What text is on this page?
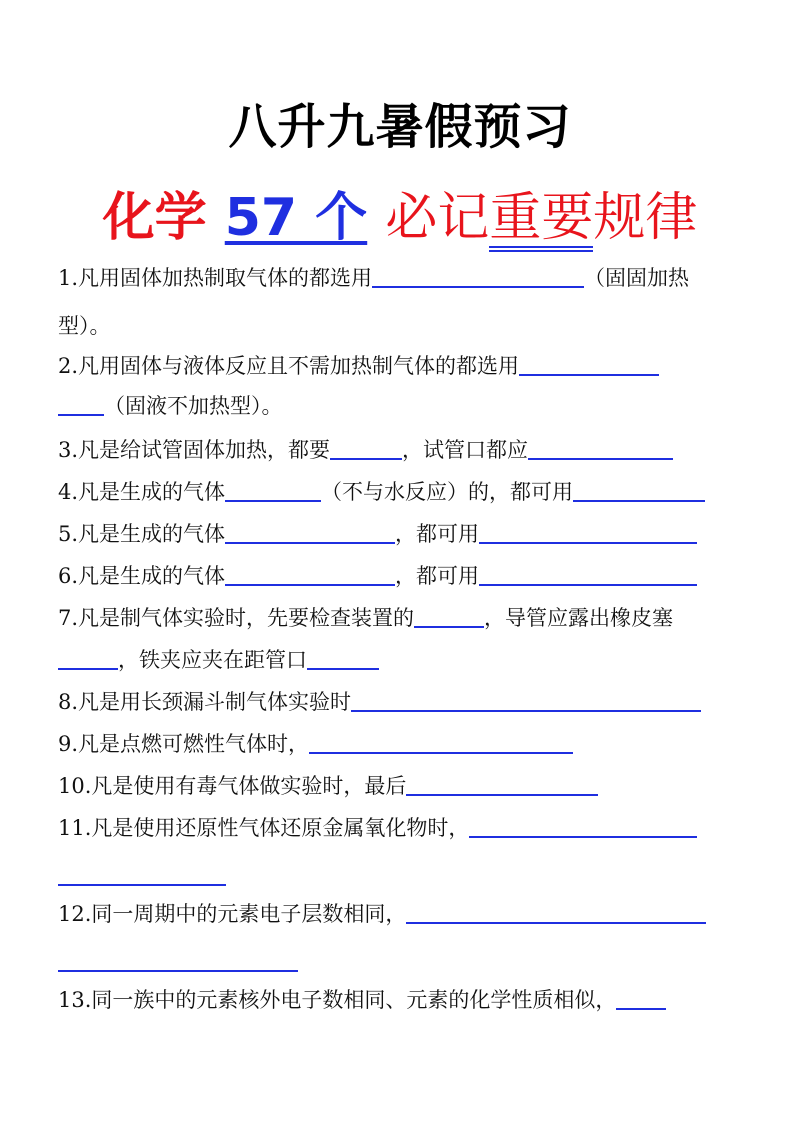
八升九暑假预习
化学 57 个 必记重要规律
1.凡用固体加热制取气体的都选用	（固固加热
型）。
2.凡用固体与液体反应且不需加热制气体的都选用
（固液不加热型）。
3.凡是给试管固体加热，都要	，试管口都应
4.凡是生成的气体	（不与水反应）的，都可用
5.凡是生成的气体	，都可用
6.凡是生成的气体	，都可用
7.凡是制气体实验时，先要检查装置的	，导管应露出橡皮塞
，铁夹应夹在距管口
8.凡是用长颈漏斗制气体实验时
9.凡是点燃可燃性气体时，
10.凡是使用有毒气体做实验时，最后
11.凡是使用还原性气体还原金属氧化物时，
12.同一周期中的元素电子层数相同，
13.同一族中的元素核外电子数相同、元素的化学性质相似，
